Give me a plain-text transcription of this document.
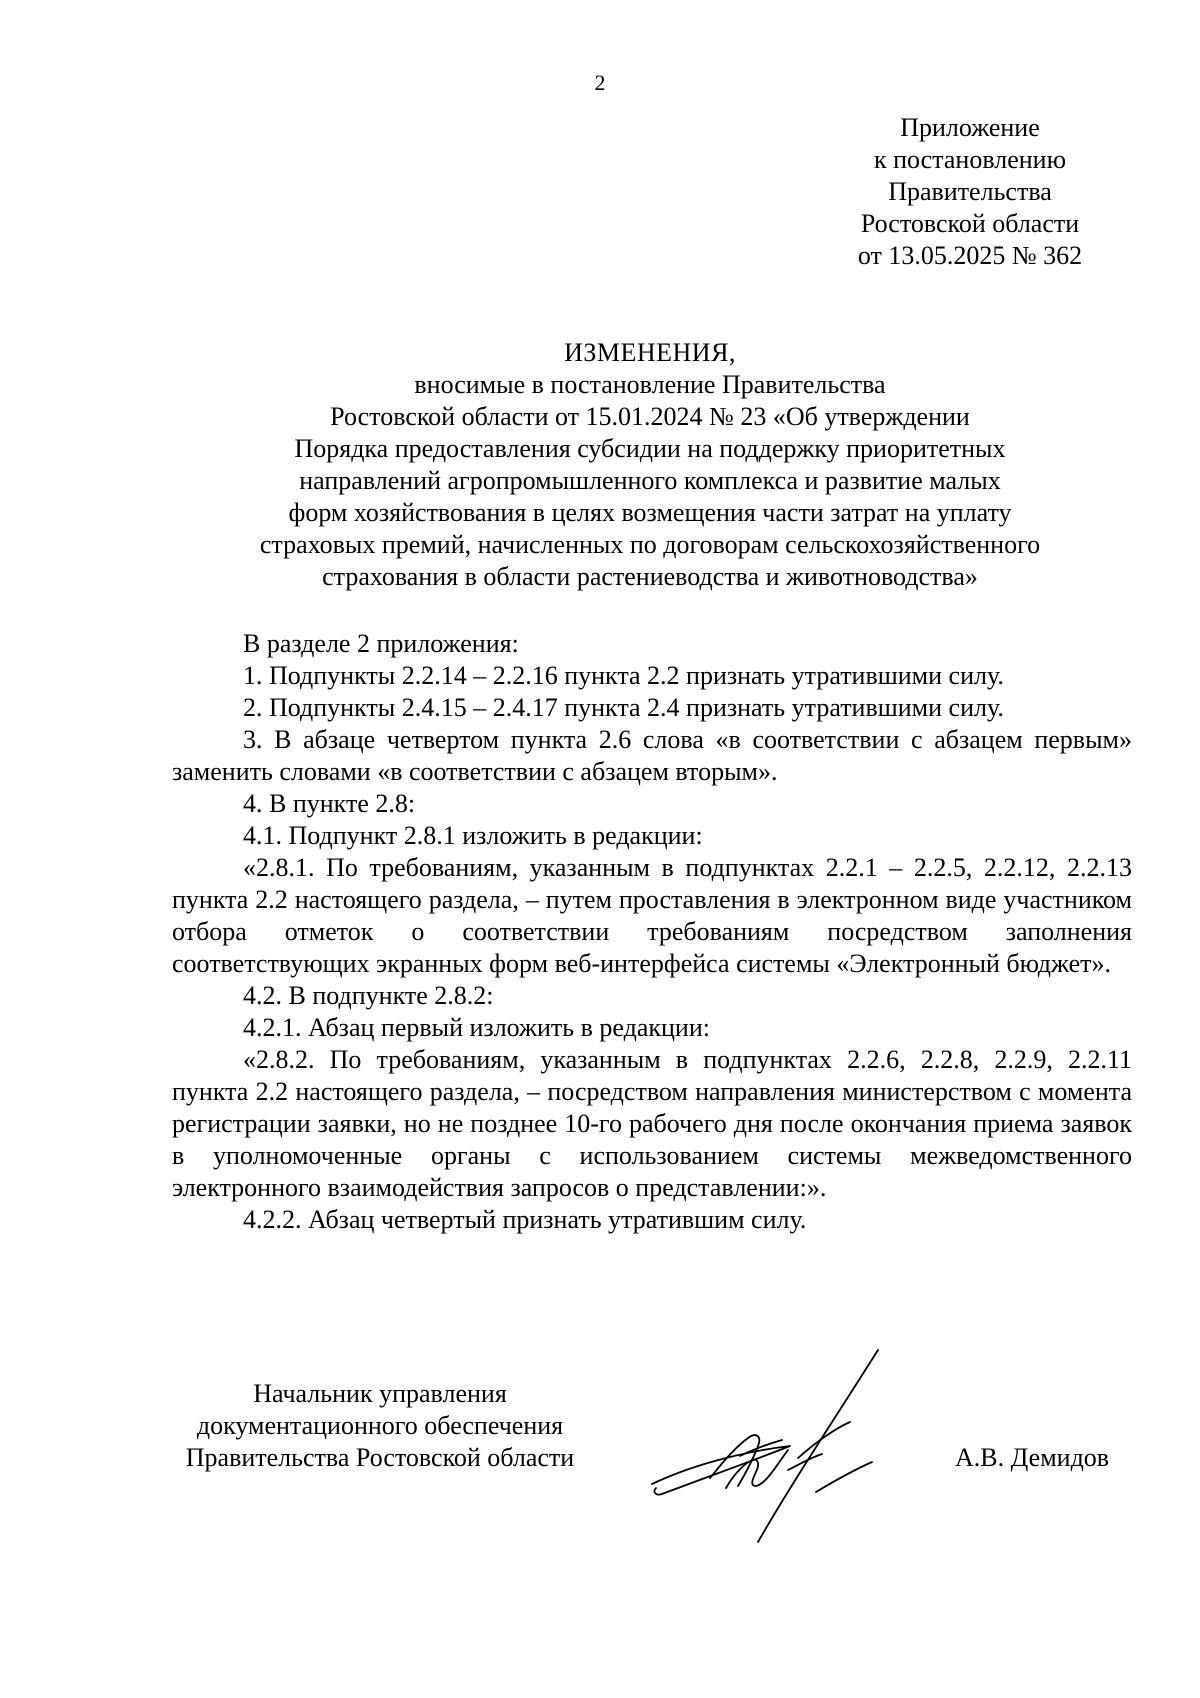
2
Приложение
к постановлению
Правительства
Ростовской области
от 13.05.2025 № 362
ИЗМЕНЕНИЯ,
вносимые в постановление Правительства
Ростовской области от 15.01.2024 № 23 «Об утверждении
Порядка предоставления субсидии на поддержку приоритетных
направлений агропромышленного комплекса и развитие малых
форм хозяйствования в целях возмещения части затрат на уплату
страховых премий, начисленных по договорам сельскохозяйственного
страхования в области растениеводства и животноводства»

В разделе 2 приложения:

1. Подпункты 2.2.14 – 2.2.16 пункта 2.2 признать утратившими силу.

2. Подпункты 2.4.15 – 2.4.17 пункта 2.4 признать утратившими силу.

3. В абзаце четвертом пункта 2.6 слова «в соответствии с абзацем первым» заменить словами «в соответствии с абзацем вторым».

4. В пункте 2.8:

4.1. Подпункт 2.8.1 изложить в редакции:

«2.8.1. По требованиям, указанным в подпунктах 2.2.1 – 2.2.5, 2.2.12, 2.2.13 пункта 2.2 настоящего раздела, – путем проставления в электронном виде участником отбора отметок о соответствии требованиям посредством заполнения соответствующих экранных форм веб-интерфейса системы «Электронный бюджет».

4.2. В подпункте 2.8.2:

4.2.1. Абзац первый изложить в редакции:

«2.8.2. По требованиям, указанным в подпунктах 2.2.6, 2.2.8, 2.2.9, 2.2.11 пункта 2.2 настоящего раздела, – посредством направления министерством с момента регистрации заявки, но не позднее 10-го рабочего дня после окончания приема заявок в уполномоченные органы с использованием системы межведомственного электронного взаимодействия запросов о представлении:».

4.2.2. Абзац четвертый признать утратившим силу.

Начальник управления
документационного обеспечения
Правительства Ростовской области	А.В. Демидов
